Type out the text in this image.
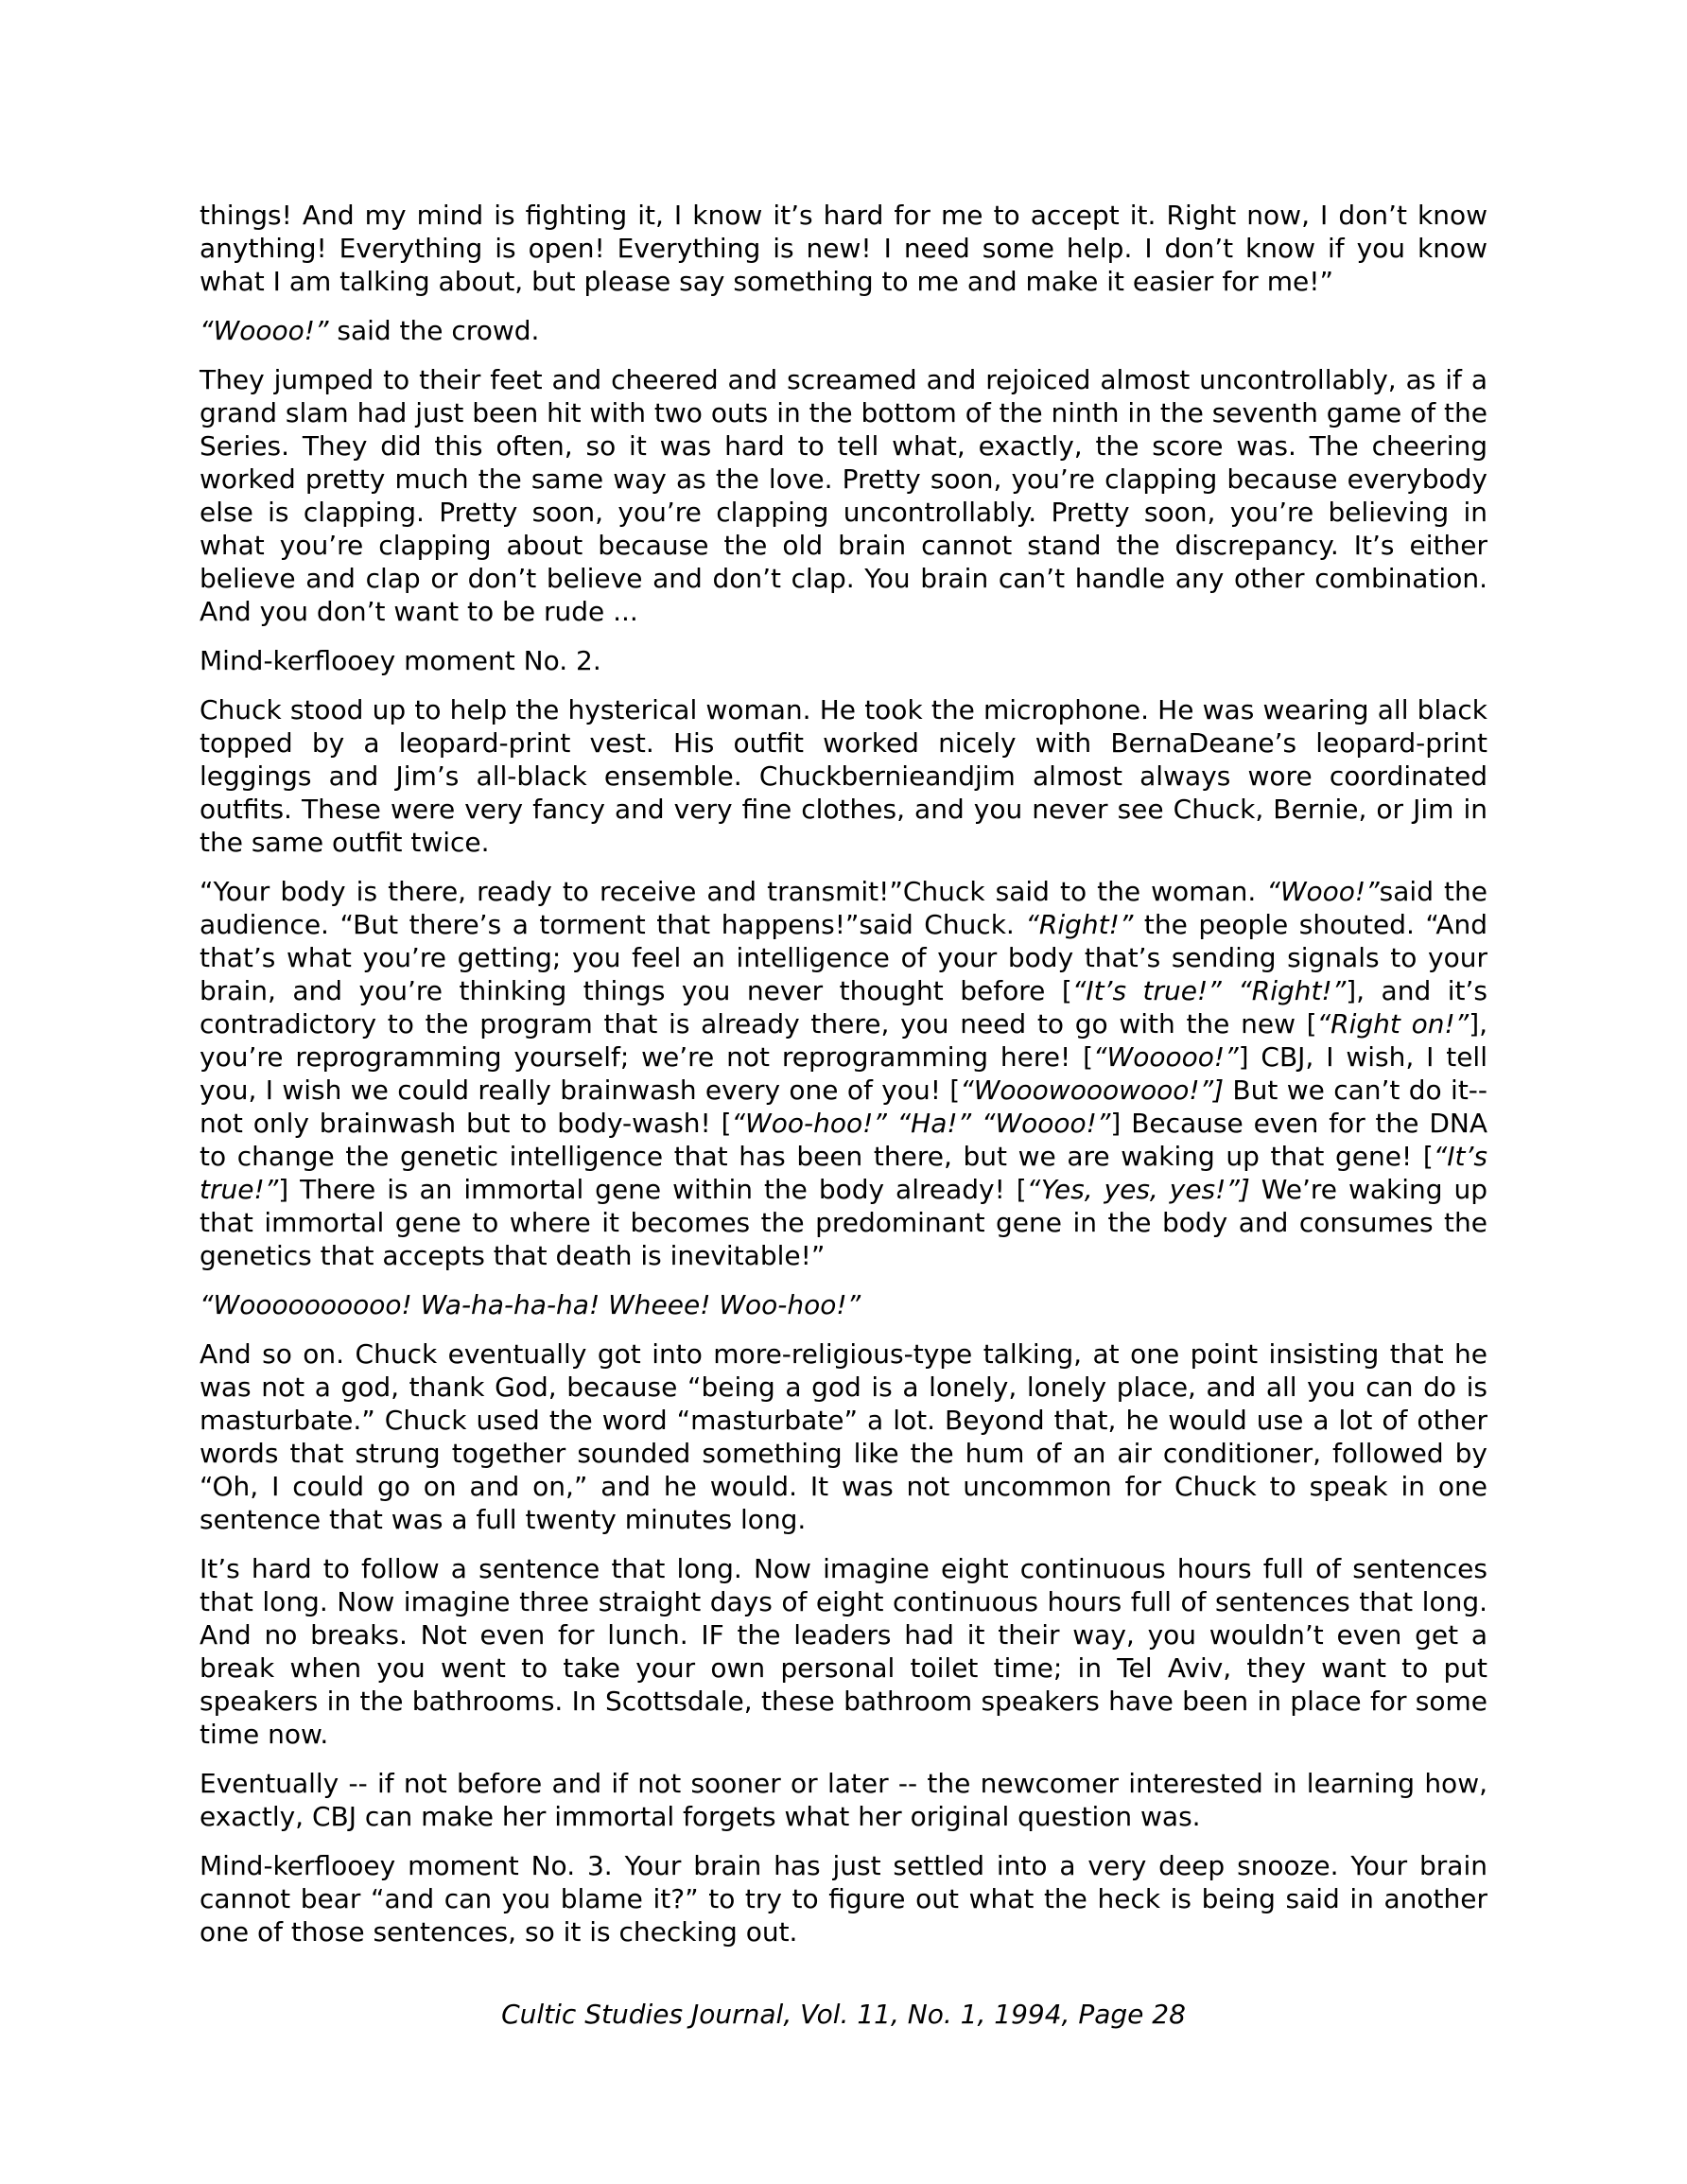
things! And my mind is fighting it, I know it’s hard for me to accept it. Right now, I don’t know anything! Everything is open! Everything is new! I need some help. I don’t know if you know what I am talking about, but please say something to me and make it easier for me!”

“Woooo!” said the crowd.

They jumped to their feet and cheered and screamed and rejoiced almost uncontrollably, as if a grand slam had just been hit with two outs in the bottom of the ninth in the seventh game of the Series. They did this often, so it was hard to tell what, exactly, the score was. The cheering worked pretty much the same way as the love. Pretty soon, you’re clapping because everybody else is clapping. Pretty soon, you’re clapping uncontrollably. Pretty soon, you’re believing in what you’re clapping about because the old brain cannot stand the discrepancy. It’s either believe and clap or don’t believe and don’t clap. You brain can’t handle any other combination. And you don’t want to be rude ...

Mind-kerflooey moment No. 2.

Chuck stood up to help the hysterical woman. He took the microphone. He was wearing all black topped by a leopard-print vest. His outfit worked nicely with BernaDeane’s leopard-print leggings and Jim’s all-black ensemble. Chuckbernieandjim almost always wore coordinated outfits. These were very fancy and very fine clothes, and you never see Chuck, Bernie, or Jim in the same outfit twice.

“Your body is there, ready to receive and transmit!”Chuck said to the woman. “Wooo!”said the audience. “But there’s a torment that happens!”said Chuck. “Right!” the people shouted. “And that’s what you’re getting; you feel an intelligence of your body that’s sending signals to your brain, and you’re thinking things you never thought before [“It’s true!” “Right!”], and it’s contradictory to the program that is already there, you need to go with the new [“Right on!”], you’re reprogramming yourself; we’re not reprogramming here! [“Wooooo!”] CBJ, I wish, I tell you, I wish we could really brainwash every one of you! [“Wooowooowooo!”] But we can’t do it--not only brainwash but to body-wash! [“Woo-hoo!” “Ha!” “Woooo!”] Because even for the DNA to change the genetic intelligence that has been there, but we are waking up that gene! [“It’s true!”] There is an immortal gene within the body already! [“Yes, yes, yes!”] We’re waking up that immortal gene to where it becomes the predominant gene in the body and consumes the genetics that accepts that death is inevitable!”

“Woooooooooo! Wa-ha-ha-ha! Wheee! Woo-hoo!”

And so on. Chuck eventually got into more-religious-type talking, at one point insisting that he was not a god, thank God, because “being a god is a lonely, lonely place, and all you can do is masturbate.” Chuck used the word “masturbate” a lot. Beyond that, he would use a lot of other words that strung together sounded something like the hum of an air conditioner, followed by “Oh, I could go on and on,” and he would. It was not uncommon for Chuck to speak in one sentence that was a full twenty minutes long.

It’s hard to follow a sentence that long. Now imagine eight continuous hours full of sentences that long. Now imagine three straight days of eight continuous hours full of sentences that long. And no breaks. Not even for lunch. IF the leaders had it their way, you wouldn’t even get a break when you went to take your own personal toilet time; in Tel Aviv, they want to put speakers in the bathrooms. In Scottsdale, these bathroom speakers have been in place for some time now.

Eventually -- if not before and if not sooner or later -- the newcomer interested in learning how, exactly, CBJ can make her immortal forgets what her original question was.

Mind-kerflooey moment No. 3. Your brain has just settled into a very deep snooze. Your brain cannot bear “and can you blame it?” to try to figure out what the heck is being said in another one of those sentences, so it is checking out.

Cultic Studies Journal, Vol. 11, No. 1, 1994, Page 28
